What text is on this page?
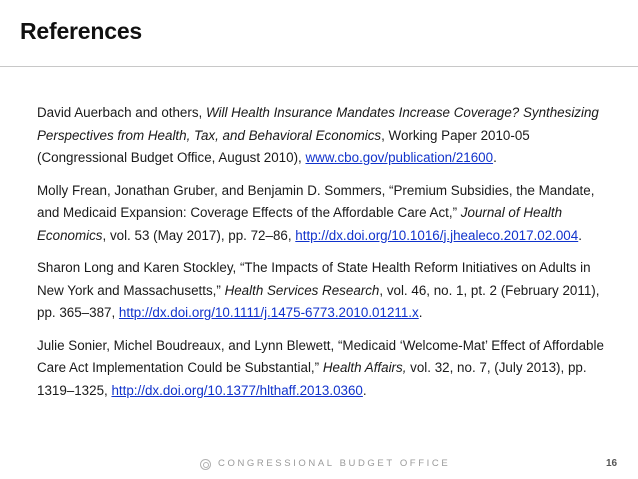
References

David Auerbach and others, Will Health Insurance Mandates Increase Coverage? Synthesizing Perspectives from Health, Tax, and Behavioral Economics, Working Paper 2010-05 (Congressional Budget Office, August 2010), www.cbo.gov/publication/21600.

Molly Frean, Jonathan Gruber, and Benjamin D. Sommers, “Premium Subsidies, the Mandate, and Medicaid Expansion: Coverage Effects of the Affordable Care Act,” Journal of Health Economics, vol. 53 (May 2017), pp. 72–86, http://dx.doi.org/10.1016/j.jhealeco.2017.02.004.

Sharon Long and Karen Stockley, “The Impacts of State Health Reform Initiatives on Adults in New York and Massachusetts,” Health Services Research, vol. 46, no. 1, pt. 2 (February 2011), pp. 365–387, http://dx.doi.org/10.1111/j.1475-6773.2010.01211.x.

Julie Sonier, Michel Boudreaux, and Lynn Blewett, “Medicaid ‘Welcome-Mat’ Effect of Affordable Care Act Implementation Could be Substantial,” Health Affairs, vol. 32, no. 7, (July 2013), pp. 1319–1325, http://dx.doi.org/10.1377/hlthaff.2013.0360.

CONGRESSIONAL BUDGET OFFICE	16
